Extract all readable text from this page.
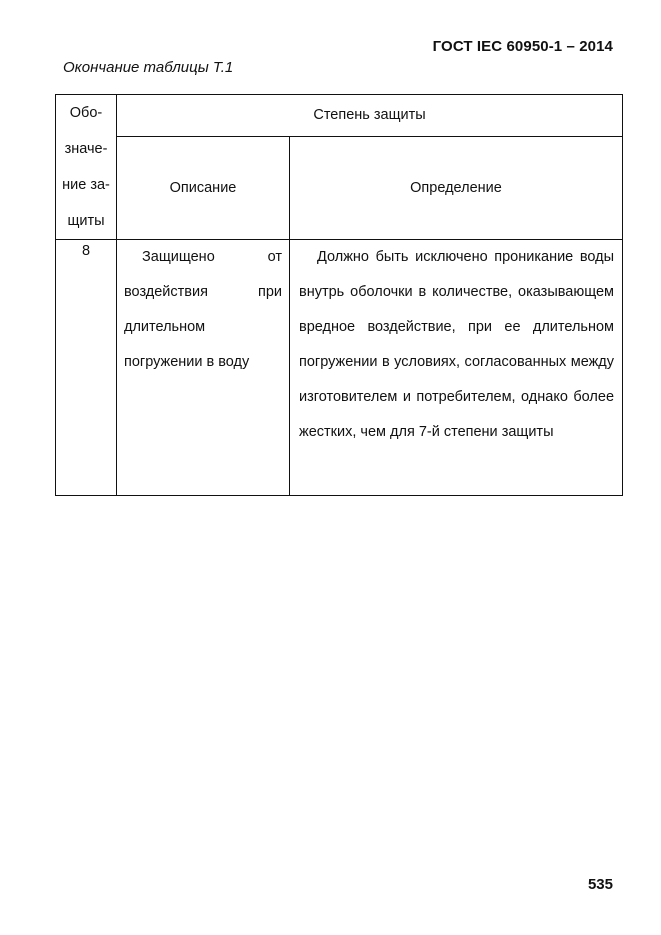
ГОСТ IEC 60950-1 – 2014
Окончание таблицы Т.1
Обо-
значе-
ние за-
щиты	Степень защиты	
	Описание	Определение
8	Защищено от воздействия при длительном погружении в воду	Должно быть исключено проникание воды внутрь оболочки в количестве, оказывающем вредное воздействие, при ее длительном погружении в условиях, согласованных между изготовителем и потребителем, однако более жестких, чем для 7-й степени защиты

535
